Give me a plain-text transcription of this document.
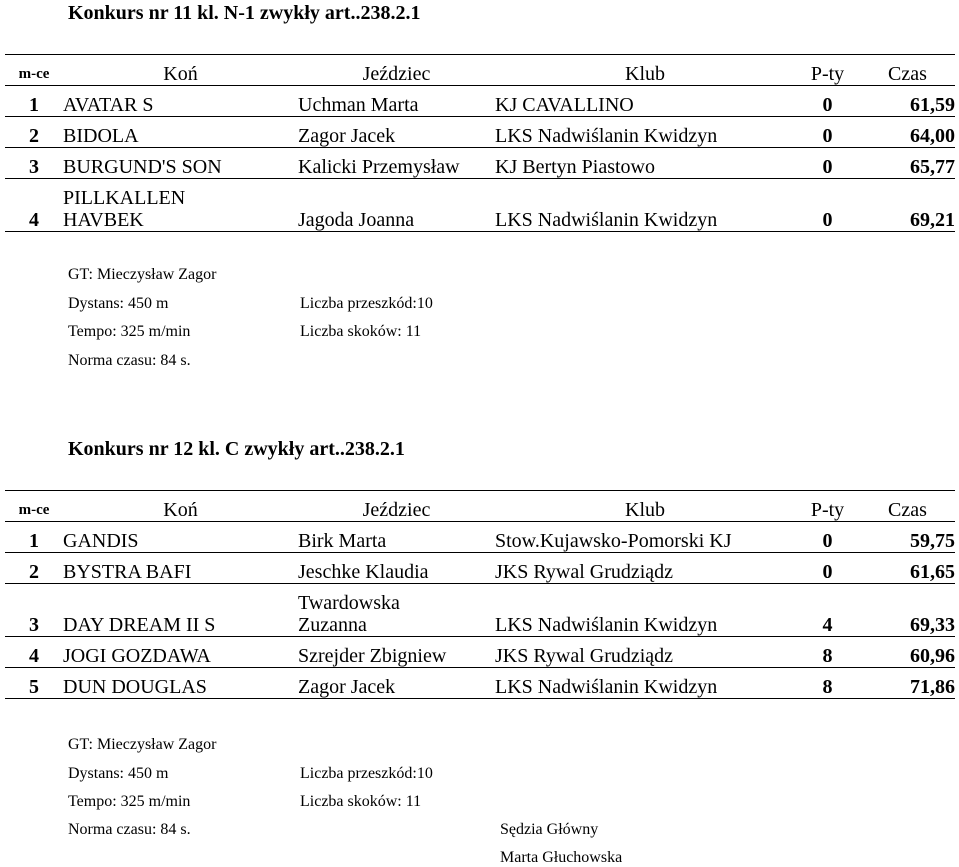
Konkurs nr 11 kl. N-1 zwykły art..238.2.1
m-ce	Koń	Jeździec	Klub	P-ty	Czas
1	AVATAR S	Uchman Marta	KJ CAVALLINO	0	61,59
2	BIDOLA	Zagor Jacek	LKS Nadwiślanin Kwidzyn	0	64,00
3	BURGUND'S SON	Kalicki Przemysław	KJ Bertyn Piastowo	0	65,77
4	PILLKALLEN
HAVBEK	Jagoda Joanna	LKS Nadwiślanin Kwidzyn	0	69,21
GT: Mieczysław Zagor
Dystans: 450 m	Liczba przeszkód:10
Tempo: 325 m/min	Liczba skoków: 11
Norma czasu: 84 s.
Konkurs nr 12 kl. C zwykły art..238.2.1
m-ce	Koń	Jeździec	Klub	P-ty	Czas
1	GANDIS	Birk Marta	Stow.Kujawsko-Pomorski KJ	0	59,75
2	BYSTRA BAFI	Jeschke Klaudia	JKS Rywal Grudziądz	0	61,65
3	DAY DREAM II S	Twardowska
Zuzanna	LKS Nadwiślanin Kwidzyn	4	69,33
4	JOGI GOZDAWA	Szrejder Zbigniew	JKS Rywal Grudziądz	8	60,96
5	DUN DOUGLAS	Zagor Jacek	LKS Nadwiślanin Kwidzyn	8	71,86
GT: Mieczysław Zagor
Dystans: 450 m	Liczba przeszkód:10
Tempo: 325 m/min	Liczba skoków: 11
Norma czasu: 84 s.	Sędzia Główny
Marta Głuchowska
